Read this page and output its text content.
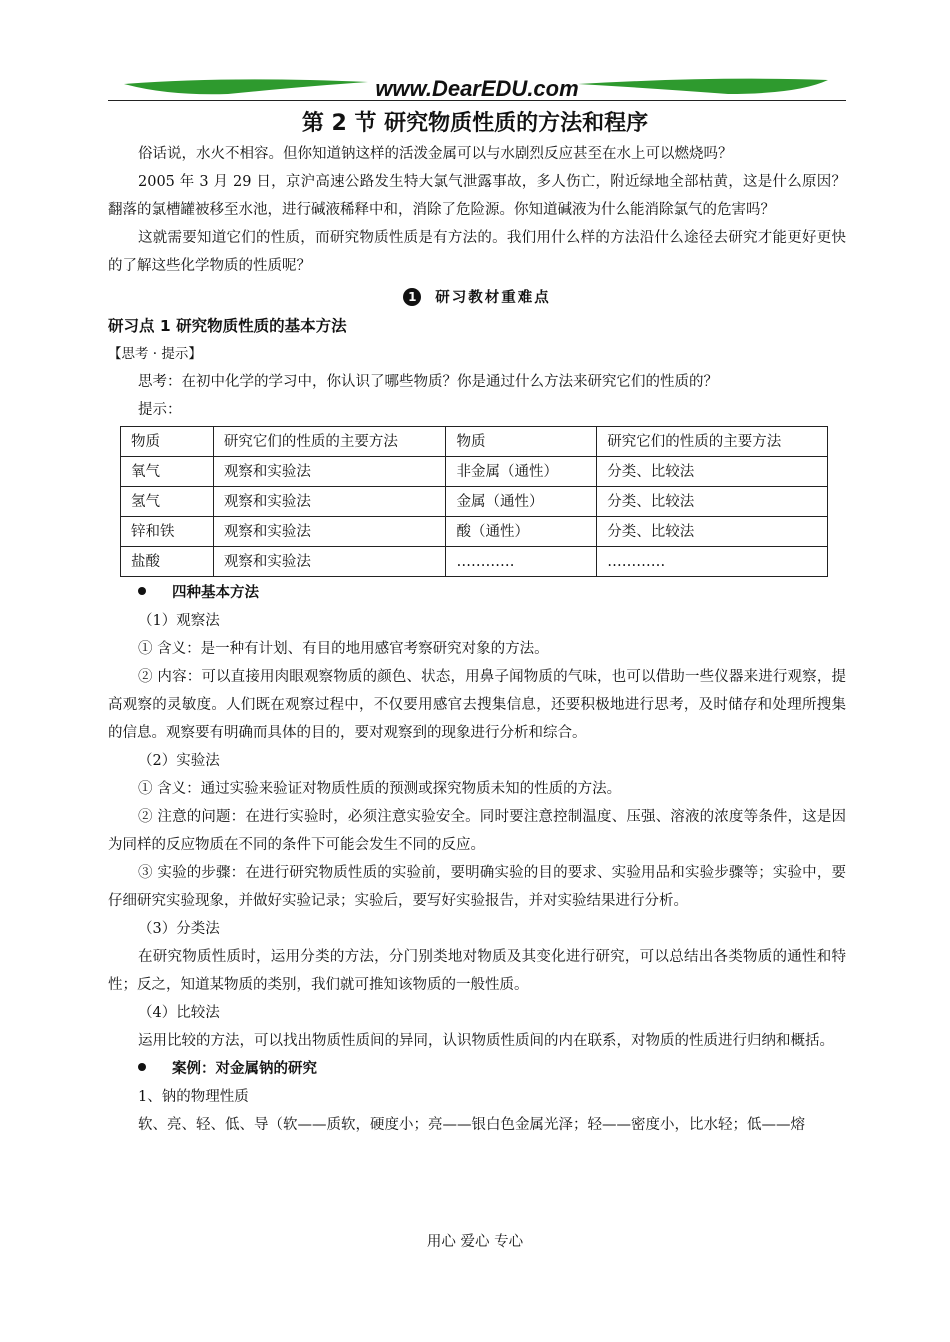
www.DearEDU.com
第 2 节 研究物质性质的方法和程序

俗话说，水火不相容。但你知道钠这样的活泼金属可以与水剧烈反应甚至在水上可以燃烧吗？

2005 年 3 月 29 日，京沪高速公路发生特大氯气泄露事故，多人伤亡，附近绿地全部枯黄，这是什么原因？翻落的氯槽罐被移至水池，进行碱液稀释中和，消除了危险源。你知道碱液为什么能消除氯气的危害吗？

这就需要知道它们的性质，而研究物质性质是有方法的。我们用什么样的方法沿什么途径去研究才能更好更快的了解这些化学物质的性质呢？

1 研习教材重难点

研习点 1 研究物质性质的基本方法

【思考 · 提示】

思考：在初中化学的学习中，你认识了哪些物质？你是通过什么方法来研究它们的性质的？

提示：

物质	研究它们的性质的主要方法	物质	研究它们的性质的主要方法
氧气	观察和实验法	非金属（通性）	分类、比较法
氢气	观察和实验法	金属（通性）	分类、比较法
锌和铁	观察和实验法	酸（通性）	分类、比较法
盐酸	观察和实验法	…………	…………

四种基本方法

（1）观察法

① 含义：是一种有计划、有目的地用感官考察研究对象的方法。

② 内容：可以直接用肉眼观察物质的颜色、状态，用鼻子闻物质的气味，也可以借助一些仪器来进行观察，提高观察的灵敏度。人们既在观察过程中，不仅要用感官去搜集信息，还要积极地进行思考，及时储存和处理所搜集的信息。观察要有明确而具体的目的，要对观察到的现象进行分析和综合。

（2）实验法

① 含义：通过实验来验证对物质性质的预测或探究物质未知的性质的方法。

② 注意的问题：在进行实验时，必须注意实验安全。同时要注意控制温度、压强、溶液的浓度等条件，这是因为同样的反应物质在不同的条件下可能会发生不同的反应。

③ 实验的步骤：在进行研究物质性质的实验前，要明确实验的目的要求、实验用品和实验步骤等；实验中，要仔细研究实验现象，并做好实验记录；实验后，要写好实验报告，并对实验结果进行分析。

（3）分类法

在研究物质性质时，运用分类的方法，分门别类地对物质及其变化进行研究，可以总结出各类物质的通性和特性；反之，知道某物质的类别，我们就可推知该物质的一般性质。

（4）比较法

运用比较的方法，可以找出物质性质间的异同，认识物质性质间的内在联系，对物质的性质进行归纳和概括。

案例：对金属钠的研究

1、钠的物理性质

软、亮、轻、低、导（软——质软，硬度小；亮——银白色金属光泽；轻——密度小，比水轻；低——熔

用心 爱心 专心
